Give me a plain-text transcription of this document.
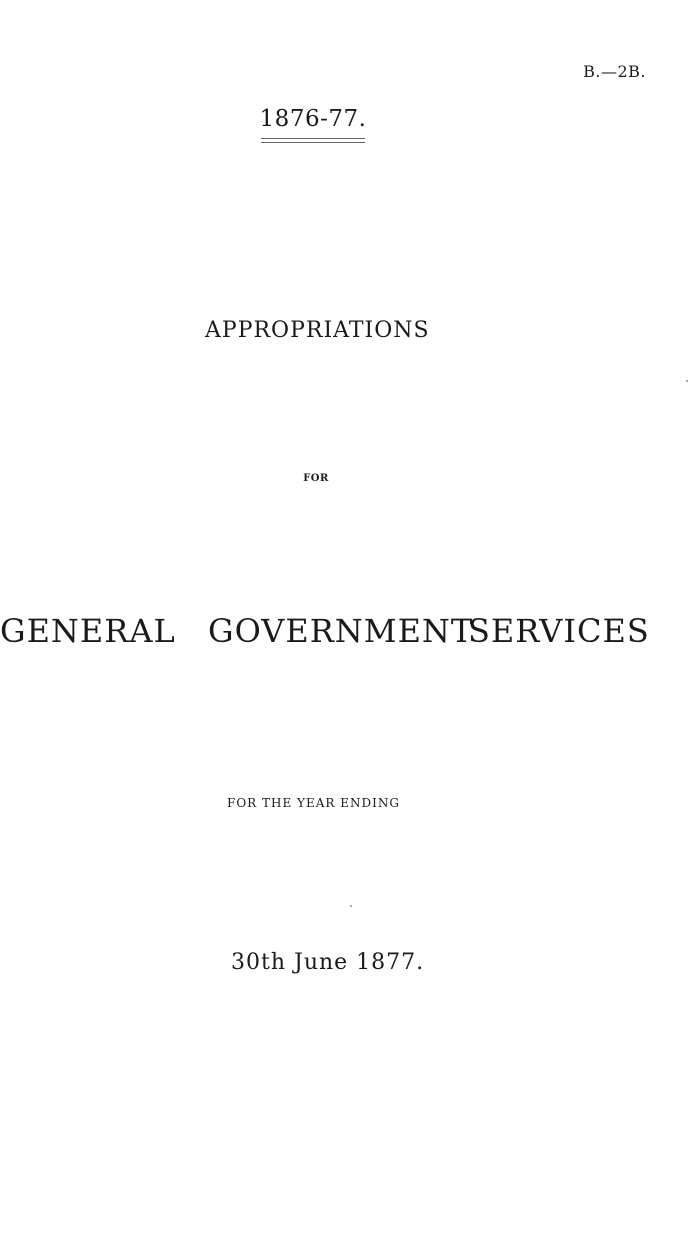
B.—2B.
1876-77.
APPROPRIATIONS
FOR
GENERAL GOVERNMENT
SERVICES
FOR THE YEAR ENDING
30th June 1877.
